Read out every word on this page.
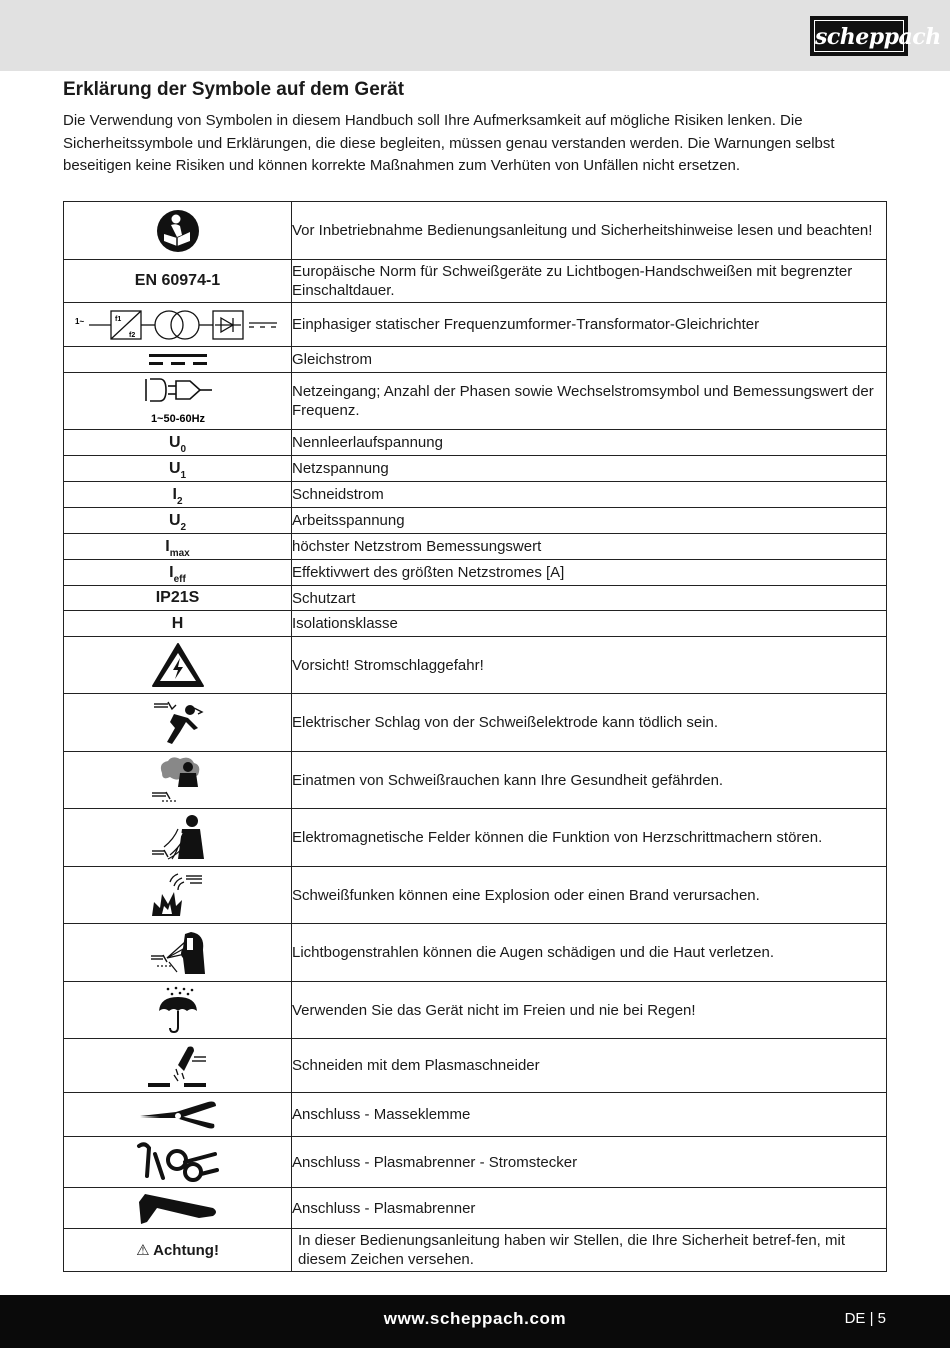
scheppach
Erklärung der Symbole auf dem Gerät

Die Verwendung von Symbolen in diesem Handbuch soll Ihre Aufmerksamkeit auf mögliche Risiken lenken. Die Sicherheitssymbole und Erklärungen, die diese begleiten, müssen genau verstanden werden. Die Warnungen selbst beseitigen keine Risiken und können korrekte Maßnahmen zum Verhüten von Unfällen nicht ersetzen.

	Vor Inbetriebnahme Bedienungsanleitung und Sicherheitshinweise lesen und beachten!
EN 60974-1	Europäische Norm für Schweißgeräte zu Lichtbogen-Handschweißen mit begrenzter Einschaltdauer.

1~ f1
f2	Einphasiger statischer Frequenzumformer-Transformator-Gleichrichter

	Gleichstrom

1~50-60Hz	Netzeingang; Anzahl der Phasen sowie Wechselstromsymbol und Bemessungswert der Frequenz.
$U_0$	Nennleerlaufspannung
$U_1$	Netzspannung
$I_2$	Schneidstrom
$U_2$	Arbeitsspannung
$I_{max}$	höchster Netzstrom Bemessungswert
$I_{eff}$	Effektivwert des größten Netzstromes [A]
IP21S	Schutzart
H	Isolationsklasse

	Vorsicht! Stromschlaggefahr!

	Elektrischer Schlag von der Schweißelektrode kann tödlich sein.

	Einatmen von Schweißrauchen kann Ihre Gesundheit gefährden.

	Elektromagnetische Felder können die Funktion von Herzschrittmachern stören.

	Schweißfunken können eine Explosion oder einen Brand verursachen.

	Lichtbogenstrahlen können die Augen schädigen und die Haut verletzen.

	Verwenden Sie das Gerät nicht im Freien und nie bei Regen!

	Schneiden mit dem Plasmaschneider

	Anschluss - Masseklemme

	Anschluss - Plasmabrenner - Stromstecker

	Anschluss - Plasmabrenner
⚠ Achtung!	In dieser Bedienungsanleitung haben wir Stellen, die Ihre Sicherheit betref-fen, mit diesem Zeichen versehen.
www.scheppach.com	DE | 5
